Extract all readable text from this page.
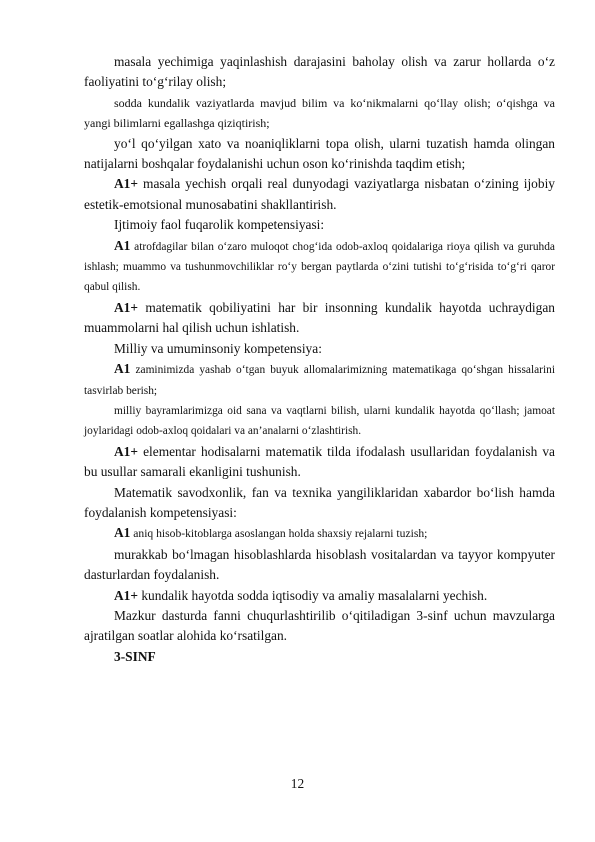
masala yechimiga yaqinlashish darajasini baholay olish va zarur hollarda o‘z faoliyatini to‘g‘rilay olish;

sodda kundalik vaziyatlarda mavjud bilim va ko‘nikmalarni qo‘llay olish; o‘qishga va yangi bilimlarni egallashga qiziqtirish;

yo‘l qo‘yilgan xato va noaniqliklarni topa olish, ularni tuzatish hamda olingan natijalarni boshqalar foydalanishi uchun oson ko‘rinishda taqdim etish;

A1+ masala yechish orqali real dunyodagi vaziyatlarga nisbatan o‘zining ijobiy estetik-emotsional munosabatini shakllantirish.

Ijtimoiy faol fuqarolik kompetensiyasi:

A1 atrofdagilar bilan o‘zaro muloqot chog‘ida odob-axloq qoidalariga rioya qilish va guruhda ishlash; muammo va tushunmovchiliklar ro‘y bergan paytlarda o‘zini tutishi to‘g‘risida to‘g‘ri qaror qabul qilish.

A1+ matematik qobiliyatini har bir insonning kundalik hayotda uchraydigan muammolarni hal qilish uchun ishlatish.

Milliy va umuminsoniy kompetensiya:

A1 zaminimizda yashab o‘tgan buyuk allomalarimizning matematikaga qo‘shgan hissalarini tasvirlab berish;

milliy bayramlarimizga oid sana va vaqtlarni bilish, ularni kundalik hayotda qo‘llash; jamoat joylaridagi odob-axloq qoidalari va an’analarni o‘zlashtirish.

A1+ elementar hodisalarni matematik tilda ifodalash usullaridan foydalanish va bu usullar samarali ekanligini tushunish.

Matematik savodxonlik, fan va texnika yangiliklaridan xabardor bo‘lish hamda foydalanish kompetensiyasi:

A1 aniq hisob-kitoblarga asoslangan holda shaxsiy rejalarni tuzish;

murakkab bo‘lmagan hisoblashlarda hisoblash vositalardan va tayyor kompyuter dasturlardan foydalanish.

A1+ kundalik hayotda sodda iqtisodiy va amaliy masalalarni yechish.

Mazkur dasturda fanni chuqurlashtirilib o‘qitiladigan 3-sinf uchun mavzularga ajratilgan soatlar alohida ko‘rsatilgan.

3-SINF

12
